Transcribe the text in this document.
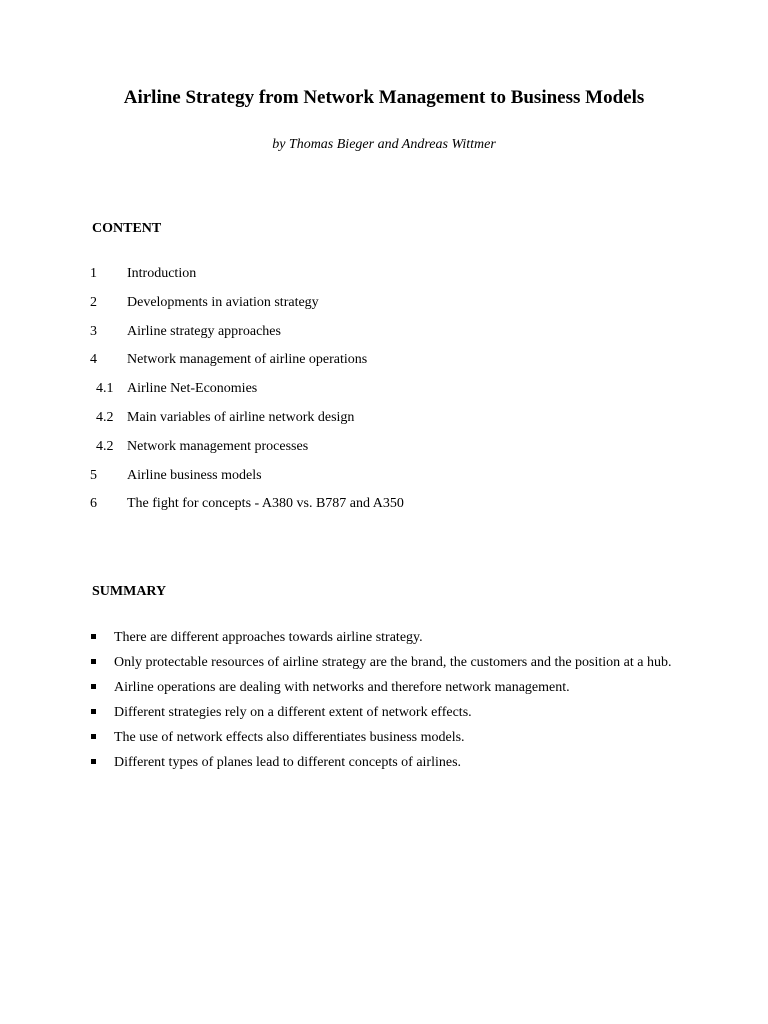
Airline Strategy from Network Management to Business Models
by Thomas Bieger and Andreas Wittmer
CONTENT
1 Introduction
2 Developments in aviation strategy
3 Airline strategy approaches
4 Network management of airline operations
4.1 Airline Net-Economies
4.2 Main variables of airline network design
4.2 Network management processes
5 Airline business models
6 The fight for concepts - A380 vs. B787 and A350
SUMMARY
There are different approaches towards airline strategy.
Only protectable resources of airline strategy are the brand, the customers and the position at a hub.
Airline operations are dealing with networks and therefore network management.
Different strategies rely on a different extent of network effects.
The use of network effects also differentiates business models.
Different types of planes lead to different concepts of airlines.
